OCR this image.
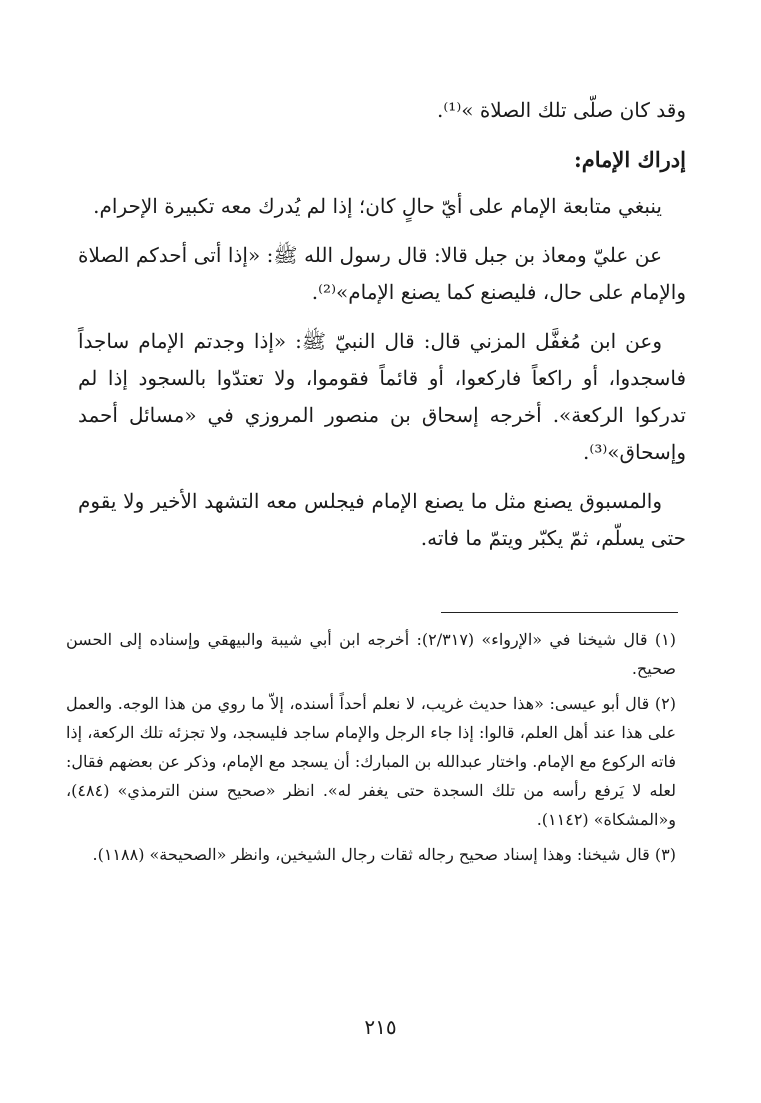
وقد كان صلّى تلك الصلاة »⁽¹⁾.

إدراك الإمام:

ينبغي متابعة الإمام على أيّ حالٍ كان؛ إذا لم يُدرك معه تكبيرة الإحرام.

عن عليّ ومعاذ بن جبل قالا: قال رسول الله ﷺ: «إذا أتى أحدكم الصلاة والإمام على حال، فليصنع كما يصنع الإمام»⁽²⁾.

وعن ابن مُغفَّل المزني قال: قال النبيّ ﷺ: «إذا وجدتم الإمام ساجداً فاسجدوا، أو راكعاً فاركعوا، أو قائماً فقوموا، ولا تعتدّوا بالسجود إذا لم تدركوا الركعة». أخرجه إسحاق بن منصور المروزي في «مسائل أحمد وإسحاق»⁽³⁾.

والمسبوق يصنع مثل ما يصنع الإمام فيجلس معه التشهد الأخير ولا يقوم حتى يسلّم، ثمّ يكبّر ويتمّ ما فاته.

(١) قال شيخنا في «الإرواء» (٢/٣١٧): أخرجه ابن أبي شيبة والبيهقي وإسناده إلى الحسن صحيح.

(٢) قال أبو عيسى: «هذا حديث غريب، لا نعلم أحداً أسنده، إلاّ ما روي من هذا الوجه. والعمل على هذا عند أهل العلم، قالوا: إذا جاء الرجل والإمام ساجد فليسجد، ولا تجزئه تلك الركعة، إذا فاته الركوع مع الإمام. واختار عبدالله بن المبارك: أن يسجد مع الإمام، وذكر عن بعضهم فقال: لعله لا يَرفع رأسه من تلك السجدة حتى يغفر له». انظر «صحيح سنن الترمذي» (٤٨٤)، و«المشكاة» (١١٤٢).

(٣) قال شيخنا: وهذا إسناد صحيح رجاله ثقات رجال الشيخين، وانظر «الصحيحة» (١١٨٨).

٢١٥
